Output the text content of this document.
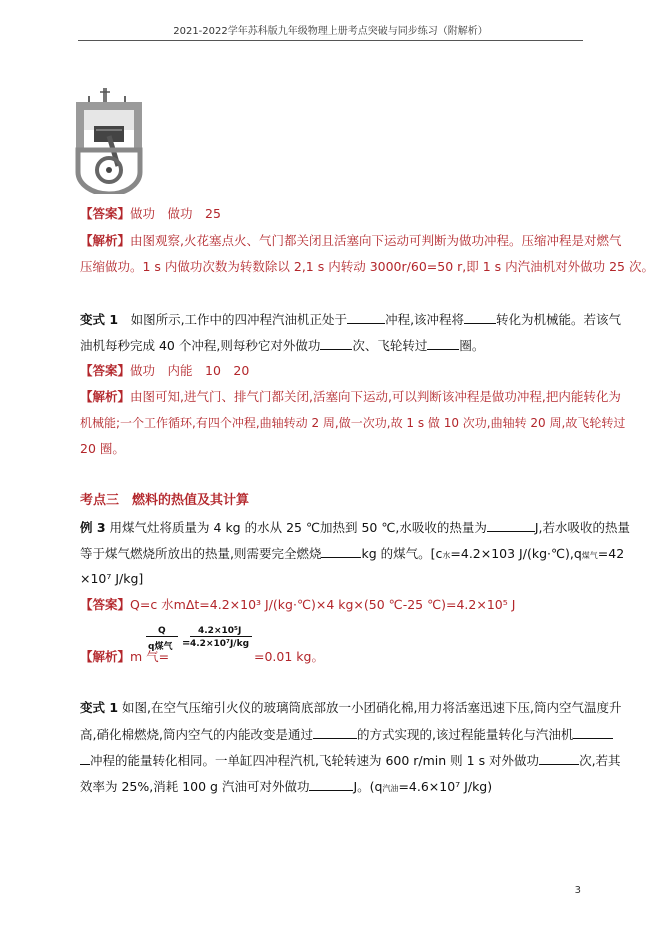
2021-2022学年苏科版九年级物理上册考点突破与同步练习（附解析）
【答案】做功　做功　25
【解析】由图观察,火花塞点火、气门都关闭且活塞向下运动可判断为做功冲程。压缩冲程是对燃气
压缩做功。1 s 内做功次数为转数除以 2,1 s 内转动 3000r/60=50 r,即 1 s 内汽油机对外做功 25 次。
变式 1　 如图所示,工作中的四冲程汽油机正处于	冲程,该冲程将	转化为机械能。若该气
油机每秒完成 40 个冲程,则每秒它对外做功	次、飞轮转过	圈。
【答案】做功　内能　10　20
【解析】由图可知,进气门、排气门都关闭,活塞向下运动,可以判断该冲程是做功冲程,把内能转化为
机械能;一个工作循环,有四个冲程,曲轴转动 2 周,做一次功,故 1 s 做 10 次功,曲轴转 20 周,故飞轮转过
20 圈。
考点三　 燃料的热值及其计算
例 3 用煤气灶将质量为 4 kg 的水从 25 ℃加热到 50 ℃,水吸收的热量为	J,若水吸收的热量
等于煤气燃烧所放出的热量,则需要完全燃烧	kg 的煤气。[c水=4.2×103 J/(kg·℃),q煤气=42
×10⁷ J/kg]
【答案】Q=c 水mΔt=4.2×10³ J/(kg·℃)×4 kg×(50 ℃-25 ℃)=4.2×10⁵ J
【解析】m 气=
Q
q煤气 =
4.2×10⁵J
4.2×10⁷J/kg
=0.01 kg。
变式 1 如图,在空气压缩引火仪的玻璃筒底部放一小团硝化棉,用力将活塞迅速下压,筒内空气温度升
高,硝化棉燃烧,筒内空气的内能改变是通过	的方式实现的,该过程能量转化与汽油机
冲程的能量转化相同。一单缸四冲程汽机,飞轮转速为 600 r/min 则 1 s 对外做功	次,若其
效率为 25%,消耗 100 g 汽油可对外做功	J。(q汽油=4.6×10⁷ J/kg)
3
